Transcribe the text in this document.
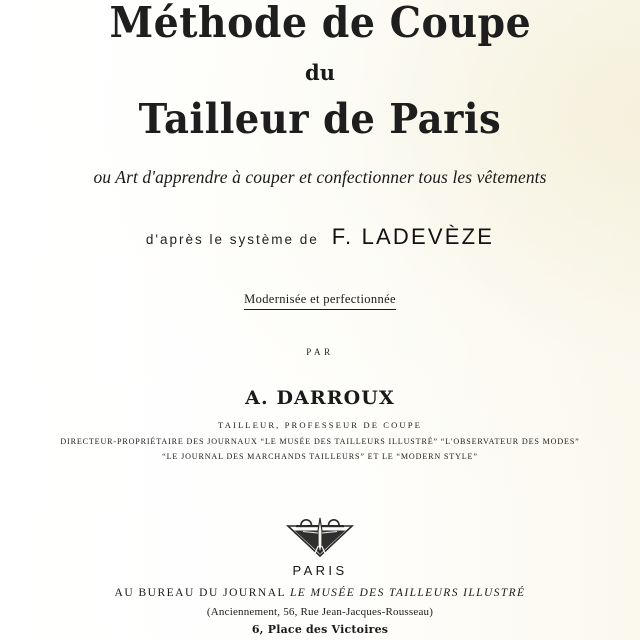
Méthode de Coupe
du
Tailleur de Paris
ou Art d'apprendre à couper et confectionner tous les vêtements
d'après le système de F. LADEVÈZE
Modernisée et perfectionnée
PAR
A. DARROUX
TAILLEUR, PROFESSEUR DE COUPE
DIRECTEUR-PROPRIÉTAIRE DES JOURNAUX “LE MUSÉE DES TAILLEURS ILLUSTRÉ” “L'OBSERVATEUR DES MODES”
“LE JOURNAL DES MARCHANDS TAILLEURS” ET LE “MODERN STYLE”
PARIS
AU BUREAU DU JOURNAL LE MUSÉE DES TAILLEURS ILLUSTRÉ
(Anciennement, 56, Rue Jean-Jacques-Rousseau)
6, Place des Victoires
